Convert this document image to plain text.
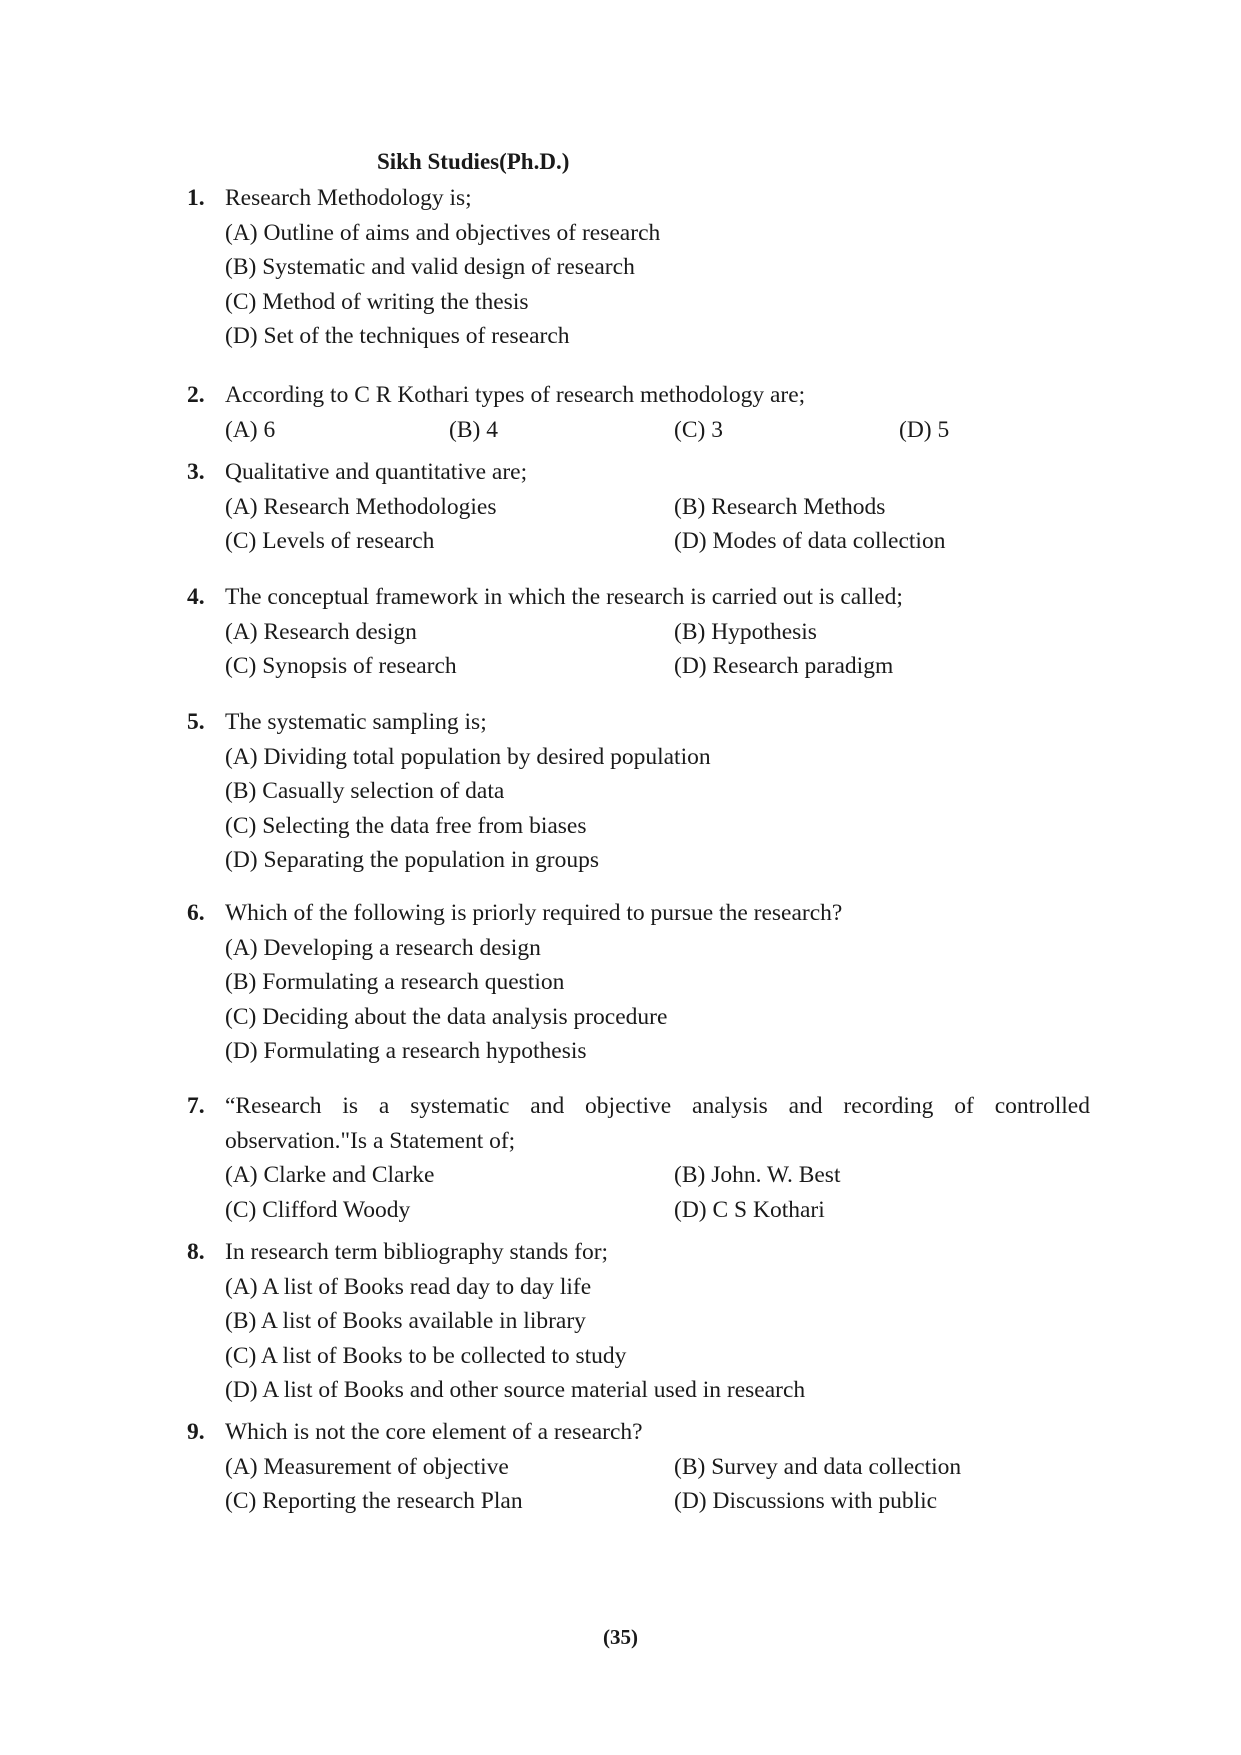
Sikh Studies(Ph.D.)
1. Research Methodology is;
(A) Outline of aims and objectives of research
(B) Systematic and valid design of research
(C) Method of writing the thesis
(D) Set of the techniques of research
2. According to C R Kothari types of research methodology are;
(A) 6	(B) 4	(C) 3	(D) 5
3. Qualitative and quantitative are;
(A) Research Methodologies	(B) Research Methods
(C) Levels of research	(D) Modes of data collection
4. The conceptual framework in which the research is carried out is called;
(A) Research design	(B) Hypothesis
(C) Synopsis of research	(D) Research paradigm
5. The systematic sampling is;
(A) Dividing total population by desired population
(B) Casually selection of data
(C) Selecting the data free from biases
(D) Separating the population in groups
6. Which of the following is priorly required to pursue the research?
(A) Developing a research design
(B) Formulating a research question
(C) Deciding about the data analysis procedure
(D) Formulating a research hypothesis
7. “Research is a systematic and objective analysis and recording of controlled
observation."Is a Statement of;
(A) Clarke and Clarke	(B) John. W. Best
(C) Clifford Woody	(D) C S Kothari
8. In research term bibliography stands for;
(A) A list of Books read day to day life
(B) A list of Books available in library
(C) A list of Books to be collected to study
(D) A list of Books and other source material used in research
9. Which is not the core element of a research?
(A) Measurement of objective	(B) Survey and data collection
(C) Reporting the research Plan	(D) Discussions with public
(35)
